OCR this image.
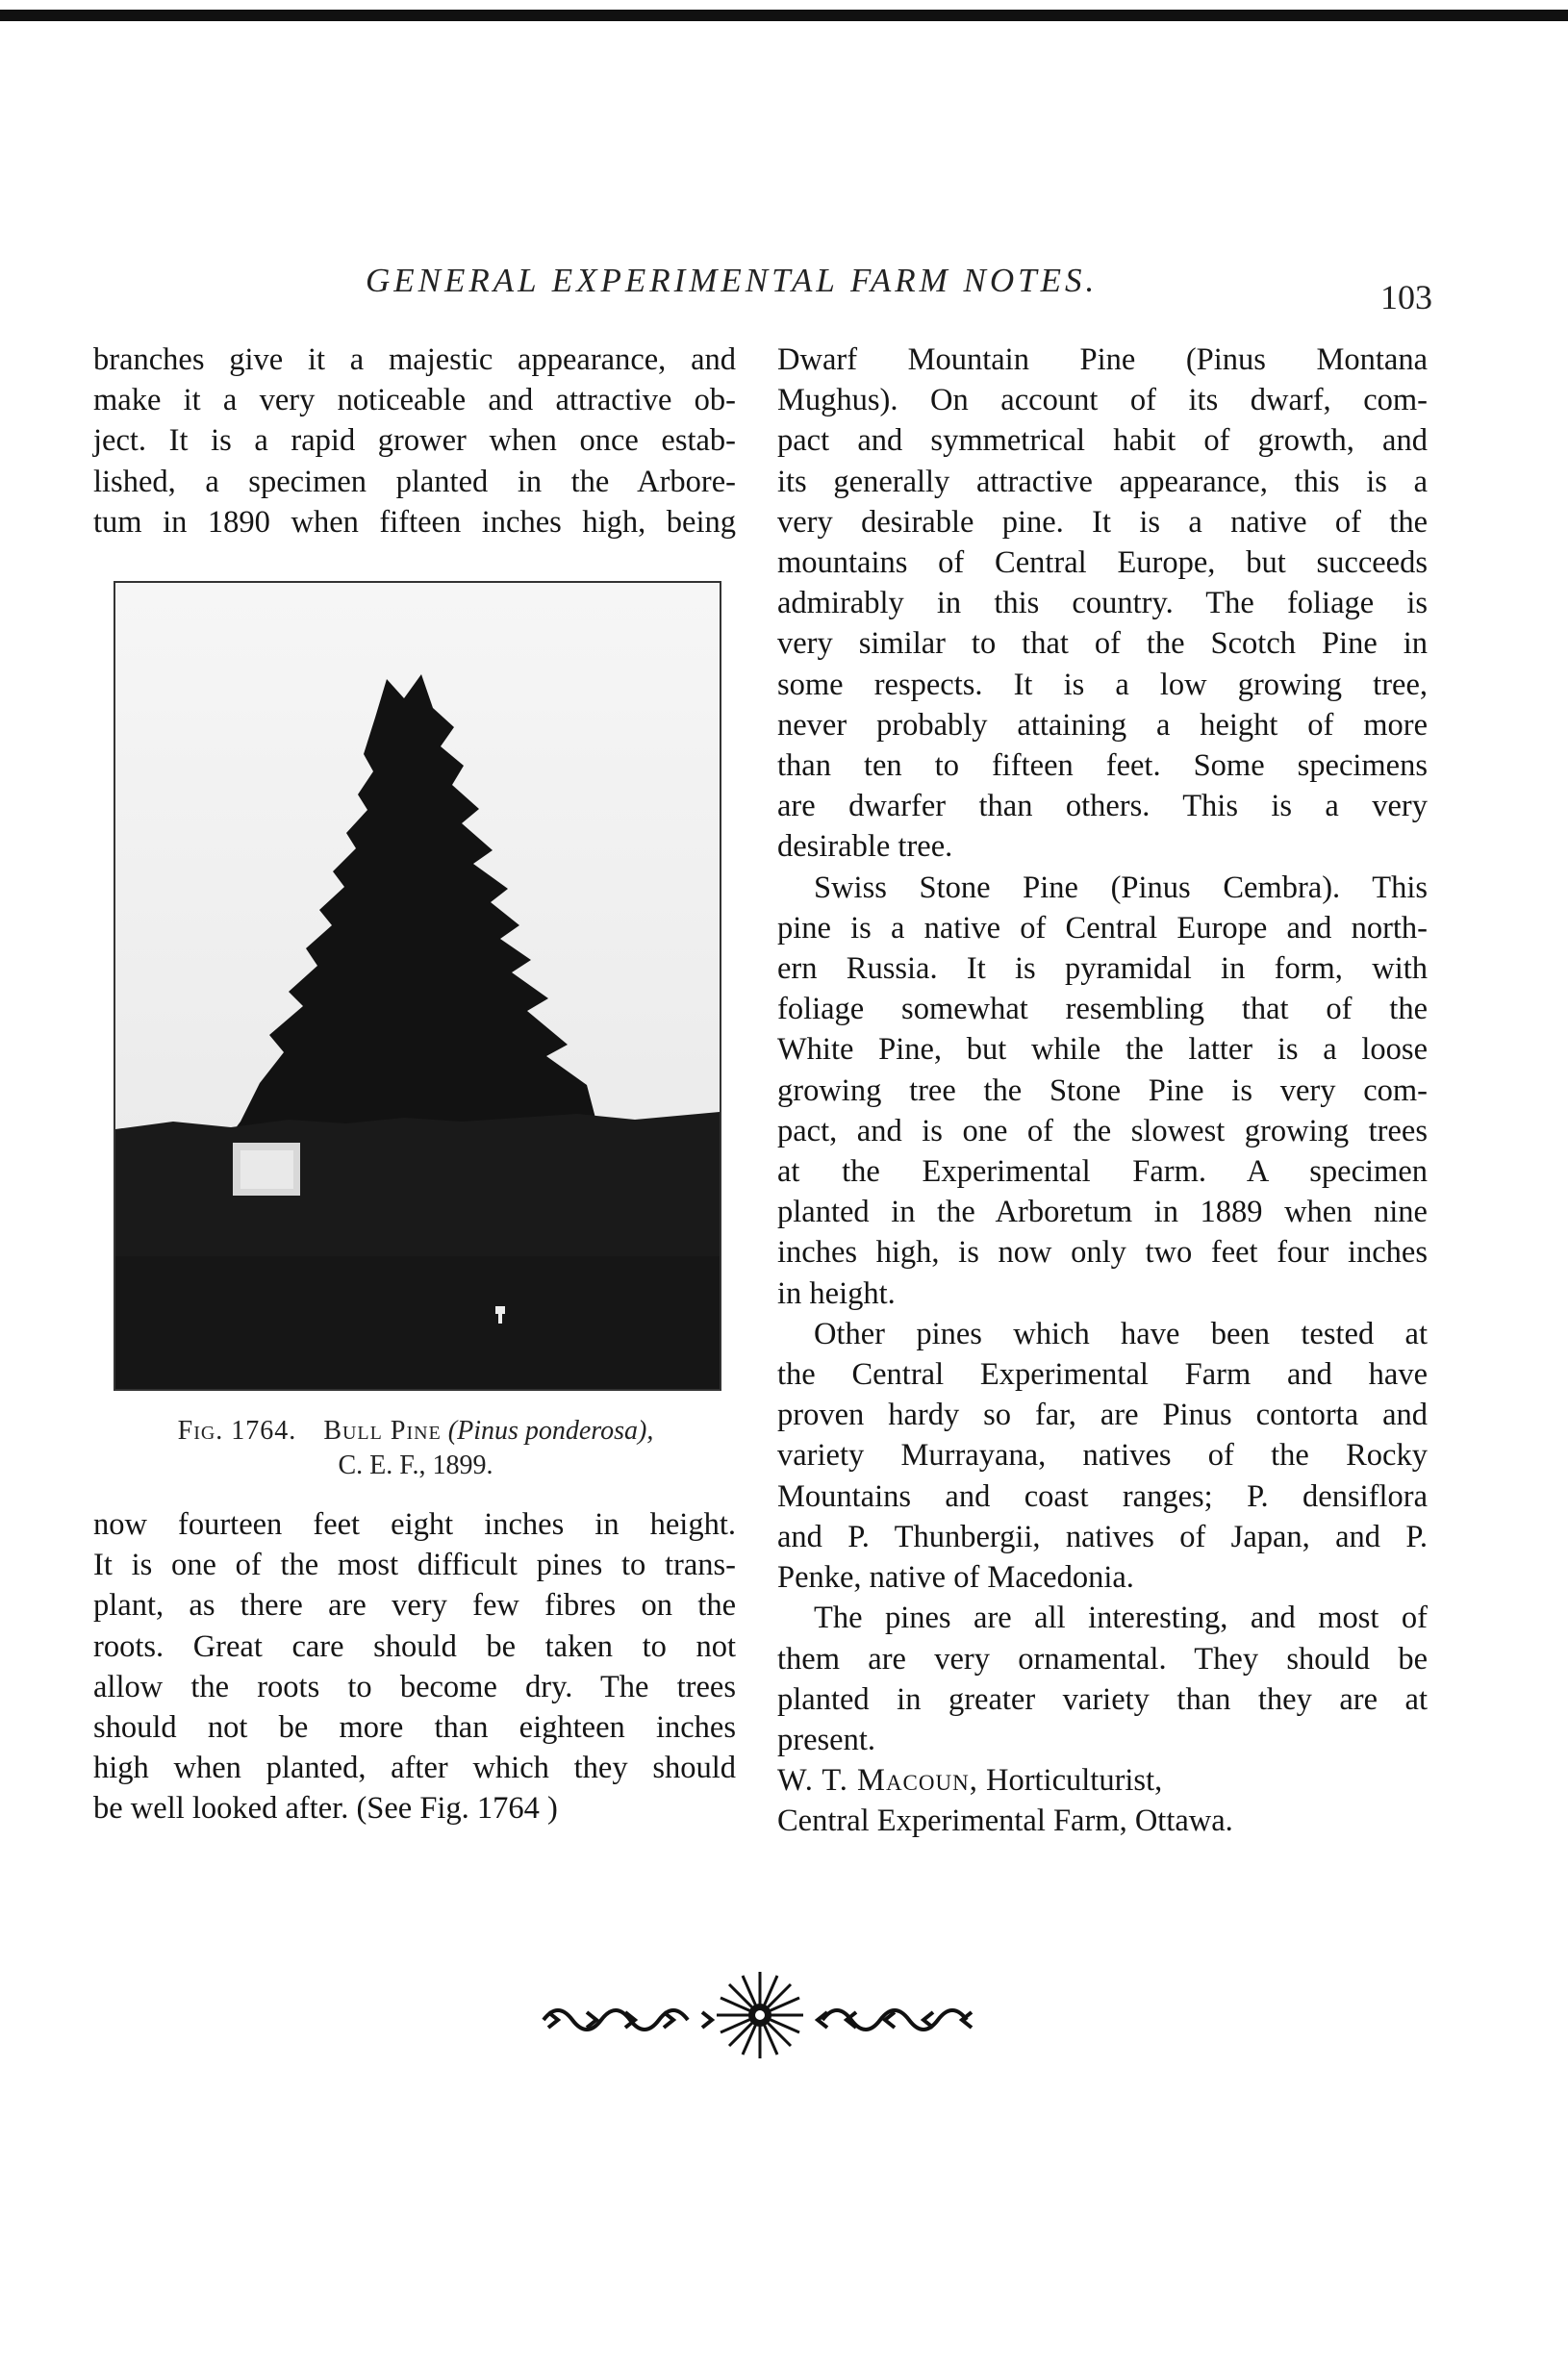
GENERAL EXPERIMENTAL FARM NOTES.	103

branches give it a majestic appearance, and

make it a very noticeable and attractive ob-

ject. It is a rapid grower when once estab-

lished, a specimen planted in the Arbore-

tum in 1890 when fifteen inches high, being

Fig. 1764. Bull Pine (Pinus ponderosa),
C. E. F., 1899.

now fourteen feet eight inches in height.

It is one of the most difficult pines to trans-

plant, as there are very few fibres on the

roots. Great care should be taken to not

allow the roots to become dry. The trees

should not be more than eighteen inches

high when planted, after which they should

be well looked after. (See Fig. 1764 )

Dwarf Mountain Pine (Pinus Montana

Mughus). On account of its dwarf, com-

pact and symmetrical habit of growth, and

its generally attractive appearance, this is a

very desirable pine. It is a native of the

mountains of Central Europe, but succeeds

admirably in this country. The foliage is

very similar to that of the Scotch Pine in

some respects. It is a low growing tree,

never probably attaining a height of more

than ten to fifteen feet. Some specimens

are dwarfer than others. This is a very

desirable tree.

Swiss Stone Pine (Pinus Cembra). This

pine is a native of Central Europe and north-

ern Russia. It is pyramidal in form, with

foliage somewhat resembling that of the

White Pine, but while the latter is a loose

growing tree the Stone Pine is very com-

pact, and is one of the slowest growing trees

at the Experimental Farm. A specimen

planted in the Arboretum in 1889 when nine

inches high, is now only two feet four inches

in height.

Other pines which have been tested at

the Central Experimental Farm and have

proven hardy so far, are Pinus contorta and

variety Murrayana, natives of the Rocky

Mountains and coast ranges; P. densiflora

and P. Thunbergii, natives of Japan, and P.

Penke, native of Macedonia.

The pines are all interesting, and most of

them are very ornamental. They should be

planted in greater variety than they are at

present.

W. T. Macoun, Horticulturist,

Central Experimental Farm, Ottawa.
